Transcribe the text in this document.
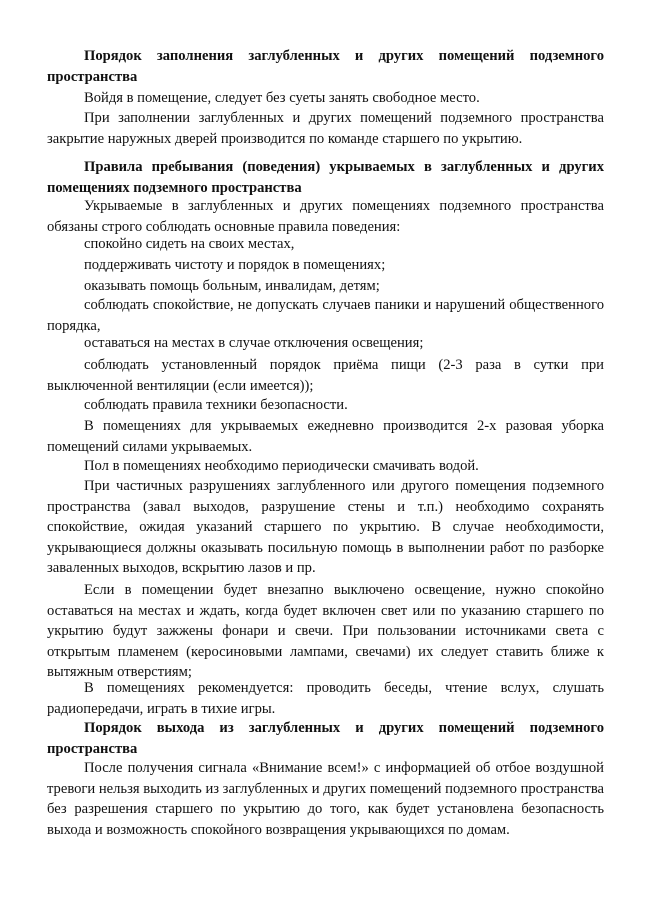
Порядок заполнения заглубленных и других помещений подземного пространства

Войдя в помещение, следует без суеты занять свободное место.

При заполнении заглубленных и других помещений подземного пространства закрытие наружных дверей производится по команде старшего по укрытию.

Правила пребывания (поведения) укрываемых в заглубленных и других помещениях подземного пространства

Укрываемые в заглубленных и других помещениях подземного пространства обязаны строго соблюдать основные правила поведения:

спокойно сидеть на своих местах,

поддерживать чистоту и порядок в помещениях;

оказывать помощь больным, инвалидам, детям;

соблюдать спокойствие, не допускать случаев паники и нарушений общественного порядка,

оставаться на местах в случае отключения освещения;

соблюдать установленный порядок приёма пищи (2-3 раза в сутки при выключенной вентиляции (если имеется));

соблюдать правила техники безопасности.

В помещениях для укрываемых ежедневно производится 2-х разовая уборка помещений силами укрываемых.

Пол в помещениях необходимо периодически смачивать водой.

При частичных разрушениях заглубленного или другого помещения подземного пространства (завал выходов, разрушение стены и т.п.) необходимо сохранять спокойствие, ожидая указаний старшего по укрытию. В случае необходимости, укрывающиеся должны оказывать посильную помощь в выполнении работ по разборке заваленных выходов, вскрытию лазов и пр.

Если в помещении будет внезапно выключено освещение, нужно спокойно оставаться на местах и ждать, когда будет включен свет или по указанию старшего по укрытию будут зажжены фонари и свечи. При пользовании источниками света с открытым пламенем (керосиновыми лампами, свечами) их следует ставить ближе к вытяжным отверстиям;

В помещениях рекомендуется: проводить беседы, чтение вслух, слушать радиопередачи, играть в тихие игры.

Порядок выхода из заглубленных и других помещений подземного пространства

После получения сигнала «Внимание всем!» с информацией об отбое воздушной тревоги нельзя выходить из заглубленных и других помещений подземного пространства без разрешения старшего по укрытию до того, как будет установлена безопасность выхода и возможность спокойного возвращения укрывающихся по домам.
